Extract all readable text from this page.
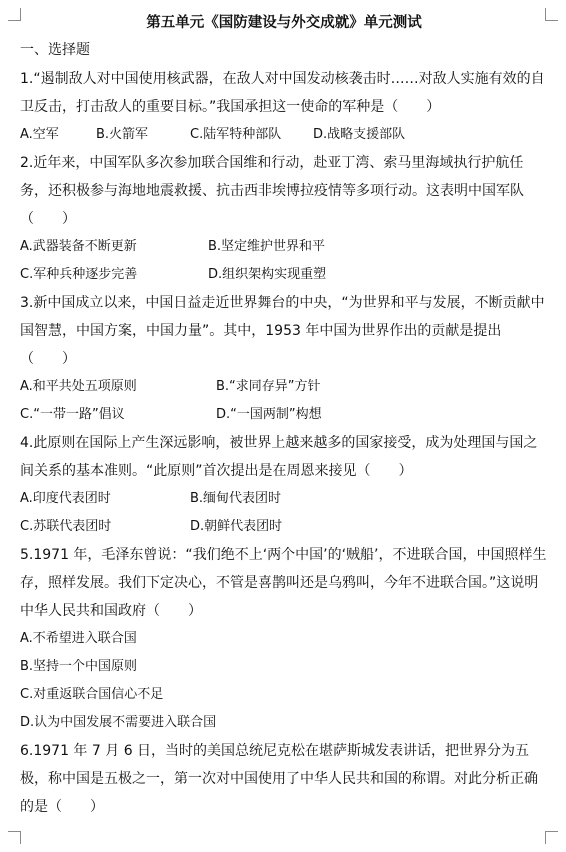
第五单元《国防建设与外交成就》单元测试
一、选择题
1.“遏制敌人对中国使用核武器，在敌人对中国发动核袭击时……对敌人实施有效的自卫反击，打击敌人的重要目标。”我国承担这一使命的军种是（　　）
A.空军	B.火箭军	C.陆军特种部队	D.战略支援部队
2.近年来，中国军队多次参加联合国维和行动，赴亚丁湾、索马里海域执行护航任务，还积极参与海地地震救援、抗击西非埃博拉疫情等多项行动。这表明中国军队（　　）
A.武器装备不断更新	B.坚定维护世界和平
C.军种兵种逐步完善	D.组织架构实现重塑
3.新中国成立以来，中国日益走近世界舞台的中央，“为世界和平与发展，不断贡献中国智慧，中国方案，中国力量”。其中，1953 年中国为世界作出的贡献是提出（　　）
A.和平共处五项原则	B.“求同存异”方针
C.“一带一路”倡议	D.“一国两制”构想
4.此原则在国际上产生深远影响，被世界上越来越多的国家接受，成为处理国与国之间关系的基本准则。“此原则”首次提出是在周恩来接见（　　）
A.印度代表团时	B.缅甸代表团时
C.苏联代表团时	D.朝鲜代表团时
5.1971 年，毛泽东曾说：“我们绝不上‘两个中国’的‘贼船’，不进联合国，中国照样生存，照样发展。我们下定决心，不管是喜鹊叫还是乌鸦叫，今年不进联合国。”这说明中华人民共和国政府（　　）
A.不希望进入联合国
B.坚持一个中国原则
C.对重返联合国信心不足
D.认为中国发展不需要进入联合国
6.1971 年 7 月 6 日，当时的美国总统尼克松在堪萨斯城发表讲话，把世界分为五极，称中国是五极之一，第一次对中国使用了中华人民共和国的称谓。对此分析正确的是（　　）
